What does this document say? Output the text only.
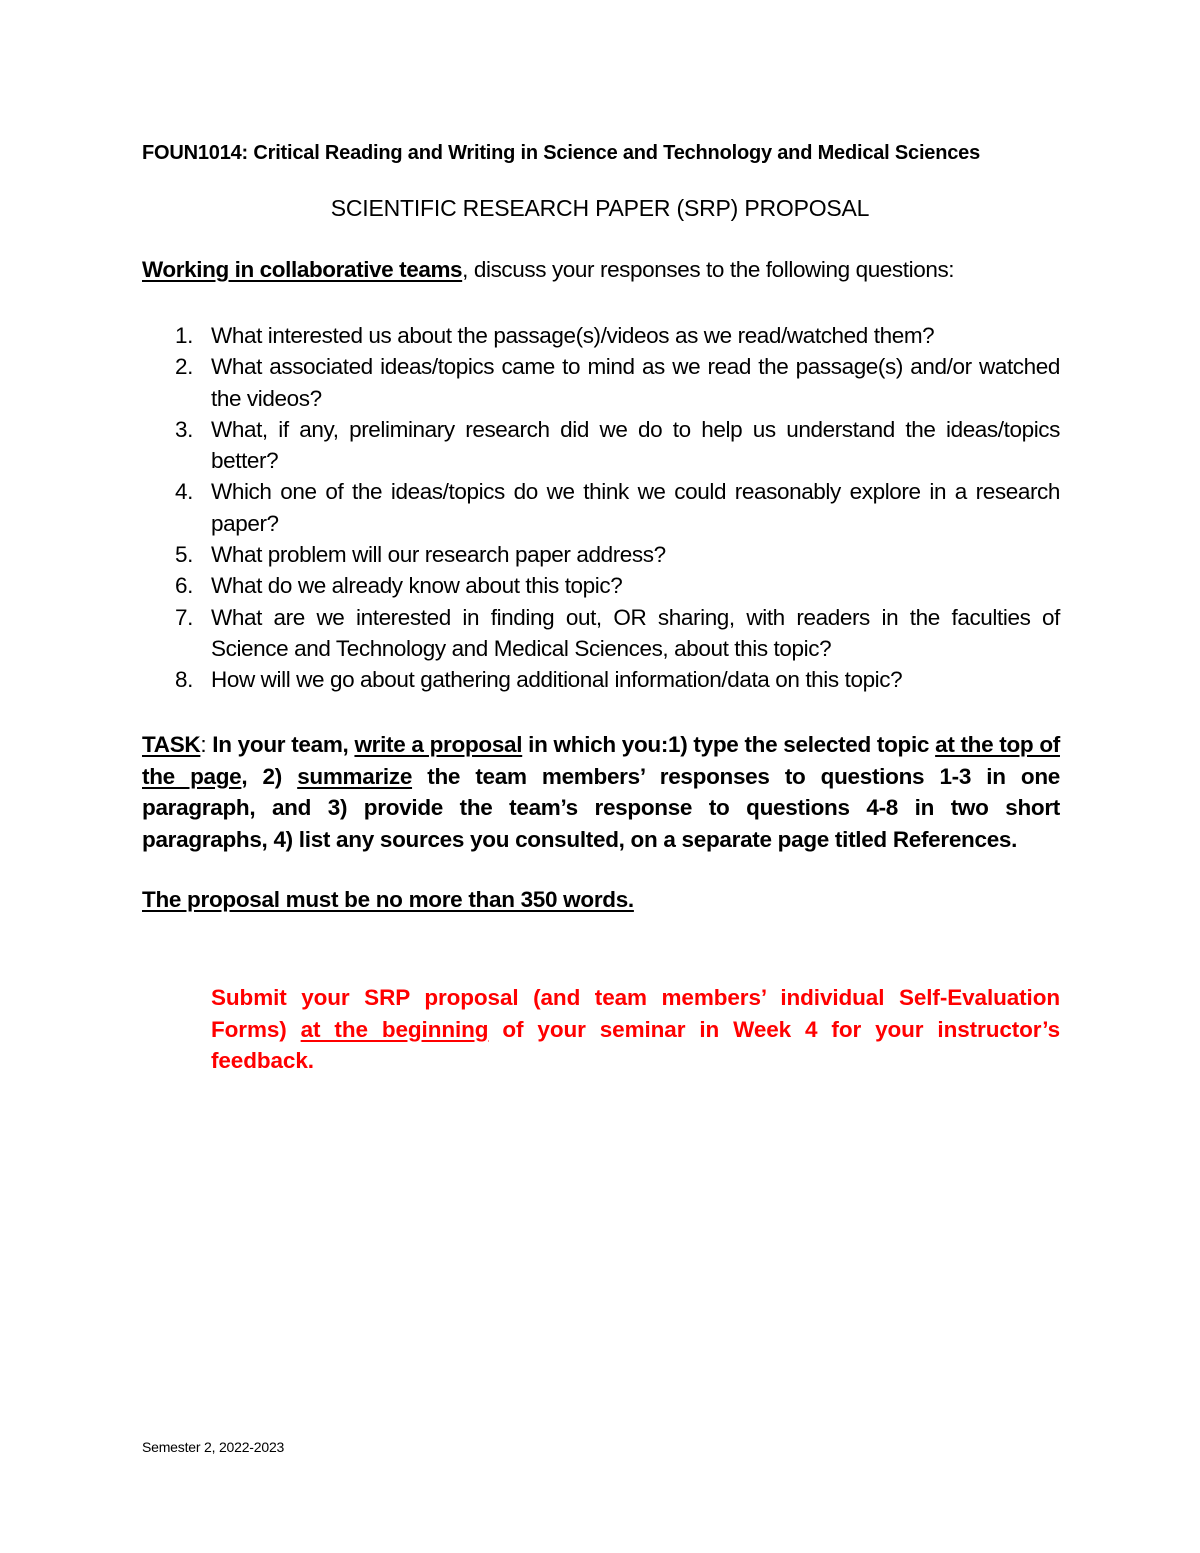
FOUN1014: Critical Reading and Writing in Science and Technology and Medical Sciences
SCIENTIFIC RESEARCH PAPER (SRP) PROPOSAL
Working in collaborative teams, discuss your responses to the following questions:
1. What interested us about the passage(s)/videos as we read/watched them?
2. What associated ideas/topics came to mind as we read the passage(s) and/or watched the videos?
3. What, if any, preliminary research did we do to help us understand the ideas/topics better?
4. Which one of the ideas/topics do we think we could reasonably explore in a research paper?
5. What problem will our research paper address?
6. What do we already know about this topic?
7. What are we interested in finding out, OR sharing, with readers in the faculties of Science and Technology and Medical Sciences, about this topic?
8. How will we go about gathering additional information/data on this topic?
TASK: In your team, write a proposal in which you:1) type the selected topic at the top of the page, 2) summarize the team members’ responses to questions 1-3 in one paragraph, and 3) provide the team’s response to questions 4-8 in two short paragraphs, 4) list any sources you consulted, on a separate page titled References.
The proposal must be no more than 350 words.
Submit your SRP proposal (and team members’ individual Self-Evaluation Forms) at the beginning of your seminar in Week 4 for your instructor’s feedback.
Semester 2, 2022-2023
